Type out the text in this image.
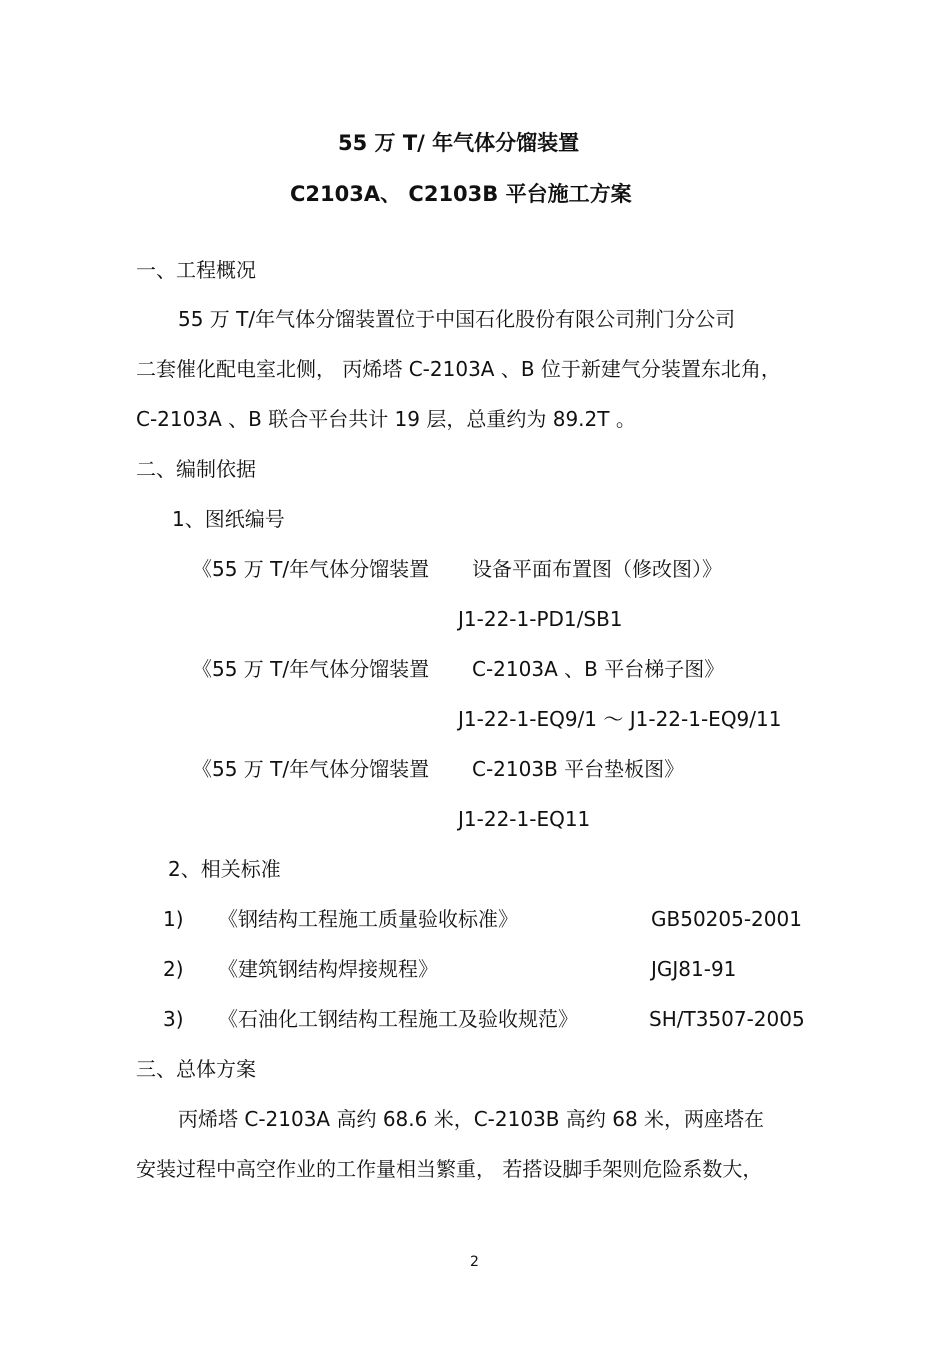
55 万 T/ 年气体分馏装置
C2103A、 C2103B 平台施工方案
一、工程概况

55 万 T/年气体分馏装置位于中国石化股份有限公司荆门分公司

二套催化配电室北侧， 丙烯塔 C-2103A 、B 位于新建气分装置东北角，

C-2103A 、B 联合平台共计 19 层，总重约为 89.2T 。

二、编制依据
1、图纸编号
《55 万 T/年气体分馏装置 设备平面布置图（修改图）》
J1-22-1-PD1/SB1
《55 万 T/年气体分馏装置 C-2103A 、B 平台梯子图》
J1-22-1-EQ9/1 ～ J1-22-1-EQ9/11
《55 万 T/年气体分馏装置 C-2103B 平台垫板图》
J1-22-1-EQ11
2、相关标准
1) 《钢结构工程施工质量验收标准》	GB50205-2001
2) 《建筑钢结构焊接规程》	JGJ81-91
3) 《石油化工钢结构工程施工及验收规范》	SH/T3507-2005
三、总体方案

丙烯塔 C-2103A 高约 68.6 米，C-2103B 高约 68 米，两座塔在

安装过程中高空作业的工作量相当繁重， 若搭设脚手架则危险系数大，

2
